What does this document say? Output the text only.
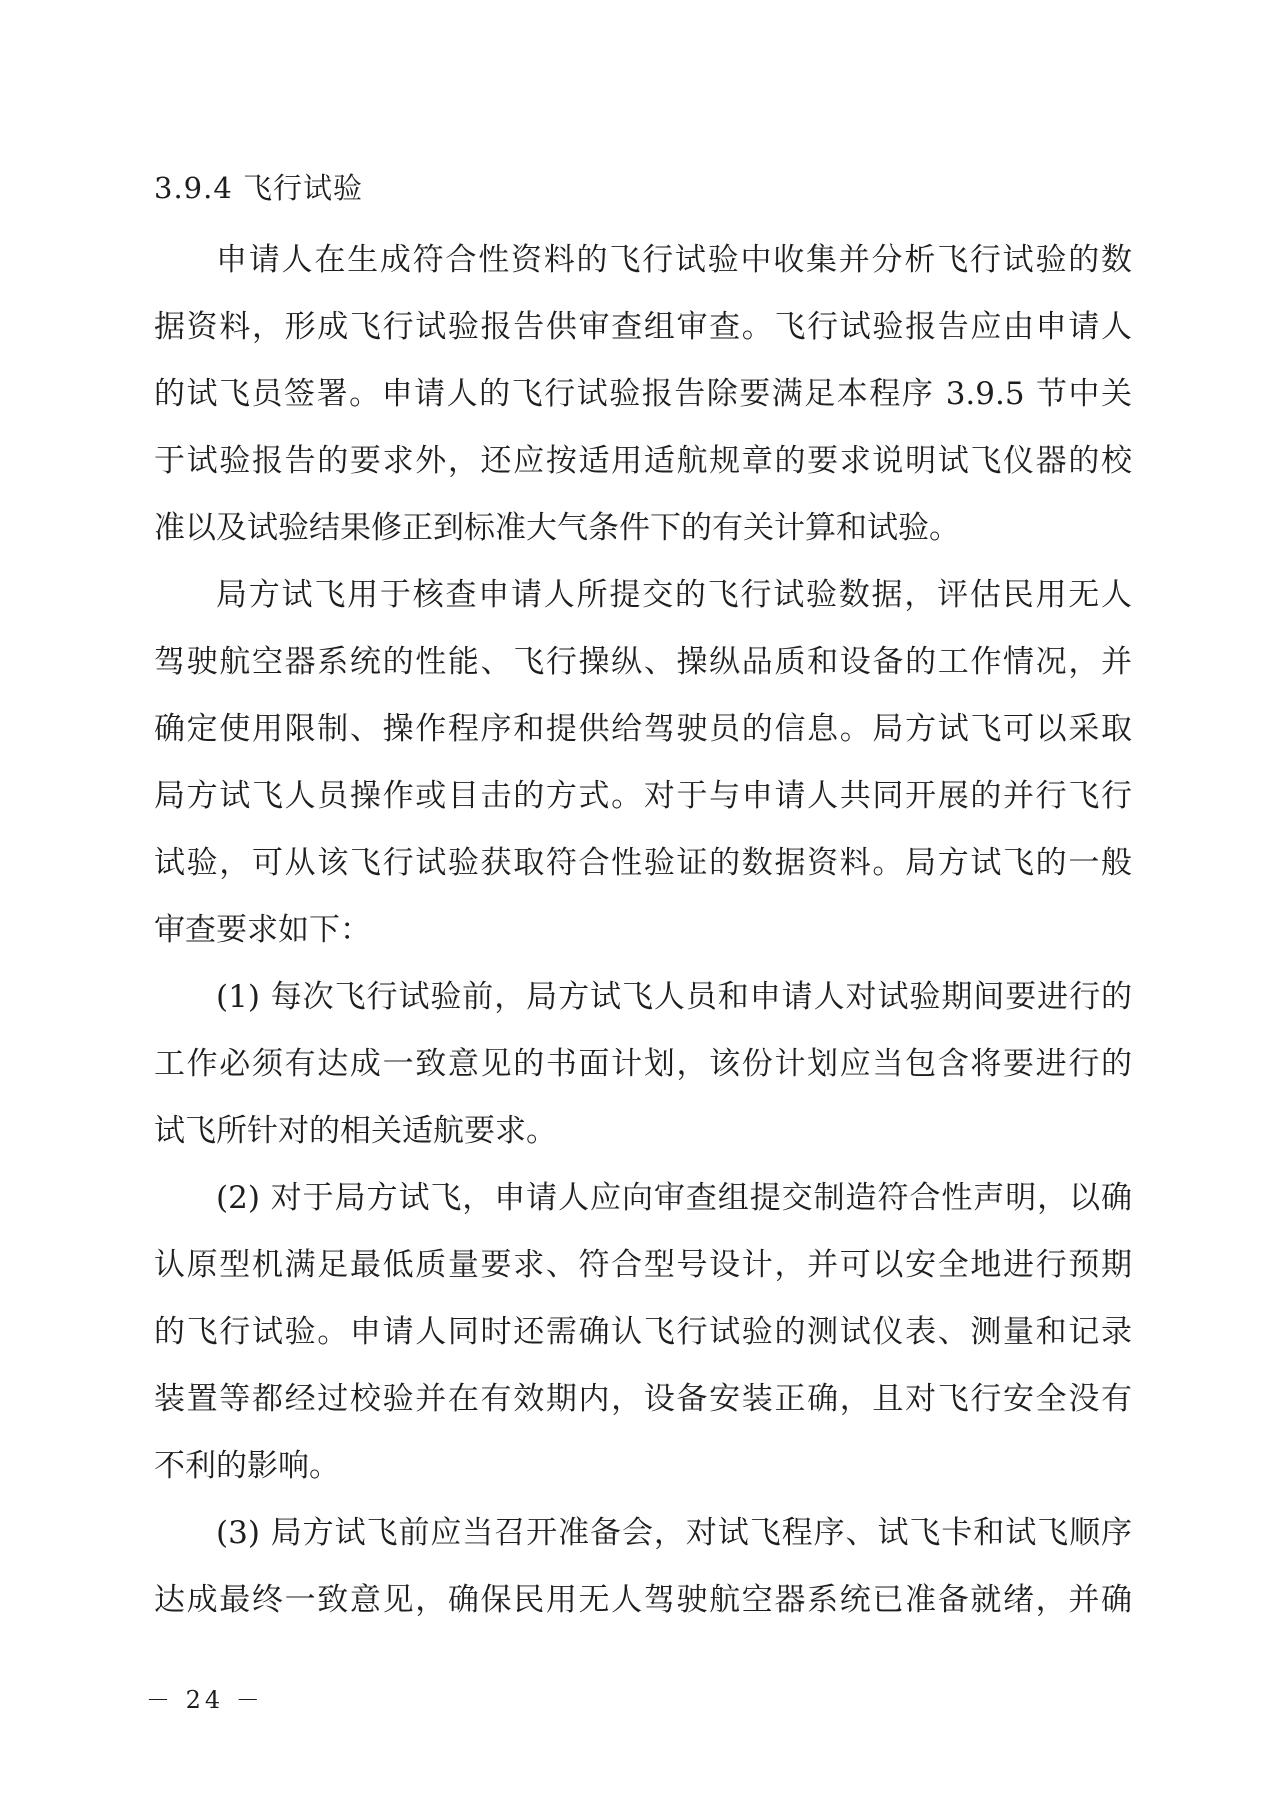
3.9.4 飞行试验
申请人在生成符合性资料的飞行试验中收集并分析飞行试验的数
据资料，形成飞行试验报告供审查组审查。飞行试验报告应由申请人
的试飞员签署。申请人的飞行试验报告除要满足本程序 3.9.5 节中关
于试验报告的要求外，还应按适用适航规章的要求说明试飞仪器的校
准以及试验结果修正到标准大气条件下的有关计算和试验。
局方试飞用于核查申请人所提交的飞行试验数据，评估民用无人
驾驶航空器系统的性能、飞行操纵、操纵品质和设备的工作情况，并
确定使用限制、操作程序和提供给驾驶员的信息。局方试飞可以采取
局方试飞人员操作或目击的方式。对于与申请人共同开展的并行飞行
试验，可从该飞行试验获取符合性验证的数据资料。局方试飞的一般
审查要求如下：
(1) 每次飞行试验前，局方试飞人员和申请人对试验期间要进行的
工作必须有达成一致意见的书面计划，该份计划应当包含将要进行的
试飞所针对的相关适航要求。
(2) 对于局方试飞，申请人应向审查组提交制造符合性声明，以确
认原型机满足最低质量要求、符合型号设计，并可以安全地进行预期
的飞行试验。申请人同时还需确认飞行试验的测试仪表、测量和记录
装置等都经过校验并在有效期内，设备安装正确，且对飞行安全没有
不利的影响。
(3) 局方试飞前应当召开准备会，对试飞程序、试飞卡和试飞顺序
达成最终一致意见，确保民用无人驾驶航空器系统已准备就绪，并确
－ 24 －
